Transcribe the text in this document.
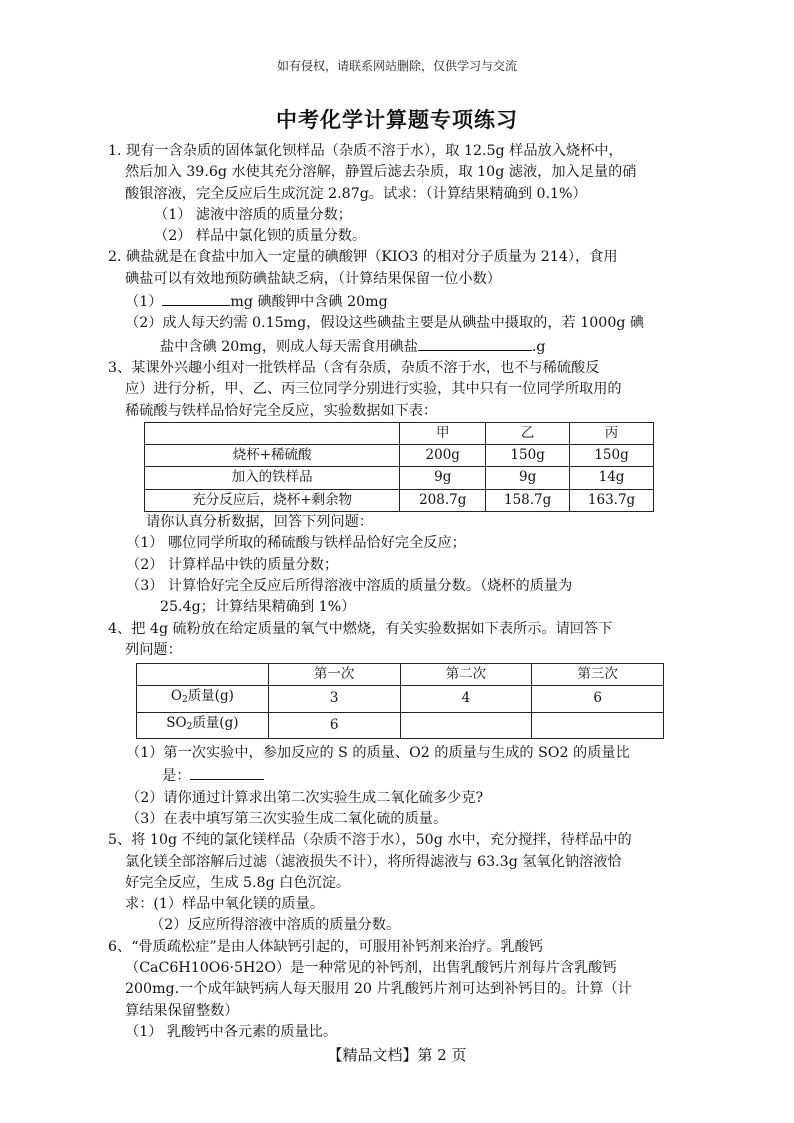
如有侵权，请联系网站删除，仅供学习与交流
中考化学计算题专项练习
1. 现有一含杂质的固体氯化钡样品（杂质不溶于水），取 12.5g 样品放入烧杯中，
然后加入 39.6g 水使其充分溶解，静置后滤去杂质，取 10g 滤液，加入足量的硝
酸银溶液，完全反应后生成沉淀 2.87g。试求：（计算结果精确到 0.1%）
（1） 滤液中溶质的质量分数；
（2） 样品中氯化钡的质量分数。
2. 碘盐就是在食盐中加入一定量的碘酸钾（KIO3 的相对分子质量为 214），食用
碘盐可以有效地预防碘盐缺乏病，（计算结果保留一位小数）
（1）	mg 碘酸钾中含碘 20mg
（2）成人每天约需 0.15mg，假设这些碘盐主要是从碘盐中摄取的，若 1000g 碘
盐中含碘 20mg，则成人每天需食用碘盐	.g
3、某课外兴趣小组对一批铁样品（含有杂质，杂质不溶于水，也不与稀硫酸反
应）进行分析，甲、乙、丙三位同学分别进行实验，其中只有一位同学所取用的
稀硫酸与铁样品恰好完全反应，实验数据如下表：
	甲	乙	丙
烧杯+稀硫酸	200g	150g	150g
加入的铁样品	9g	9g	14g
充分反应后，烧杯+剩余物	208.7g	158.7g	163.7g
请你认真分析数据，回答下列问题：
（1） 哪位同学所取的稀硫酸与铁样品恰好完全反应；
（2） 计算样品中铁的质量分数；
（3） 计算恰好完全反应后所得溶液中溶质的质量分数。（烧杯的质量为
25.4g；计算结果精确到 1%）
4、把 4g 硫粉放在给定质量的氧气中燃烧，有关实验数据如下表所示。请回答下
列问题：
	第一次	第二次	第三次
$O_2$质量(g)	3	4	6
$SO_2$质量(g)	6		
（1）第一次实验中，参加反应的 S 的质量、O2 的质量与生成的 SO2 的质量比
是：
（2）请你通过计算求出第二次实验生成二氧化硫多少克?
（3）在表中填写第三次实验生成二氧化硫的质量。
5、将 10g 不纯的氯化镁样品（杂质不溶于水），50g 水中，充分搅拌，待样品中的
氯化镁全部溶解后过滤（滤液损失不计），将所得滤液与 63.3g 氢氧化钠溶液恰
好完全反应，生成 5.8g 白色沉淀。
求：(1）样品中氧化镁的质量。
（2）反应所得溶液中溶质的质量分数。
6、“骨质疏松症”是由人体缺钙引起的，可服用补钙剂来治疗。乳酸钙
（CaC6H10O6·5H2O）是一种常见的补钙剂，出售乳酸钙片剂每片含乳酸钙
200mg.一个成年缺钙病人每天服用 20 片乳酸钙片剂可达到补钙目的。计算（计
算结果保留整数）
（1） 乳酸钙中各元素的质量比。
【精品文档】第 2 页
